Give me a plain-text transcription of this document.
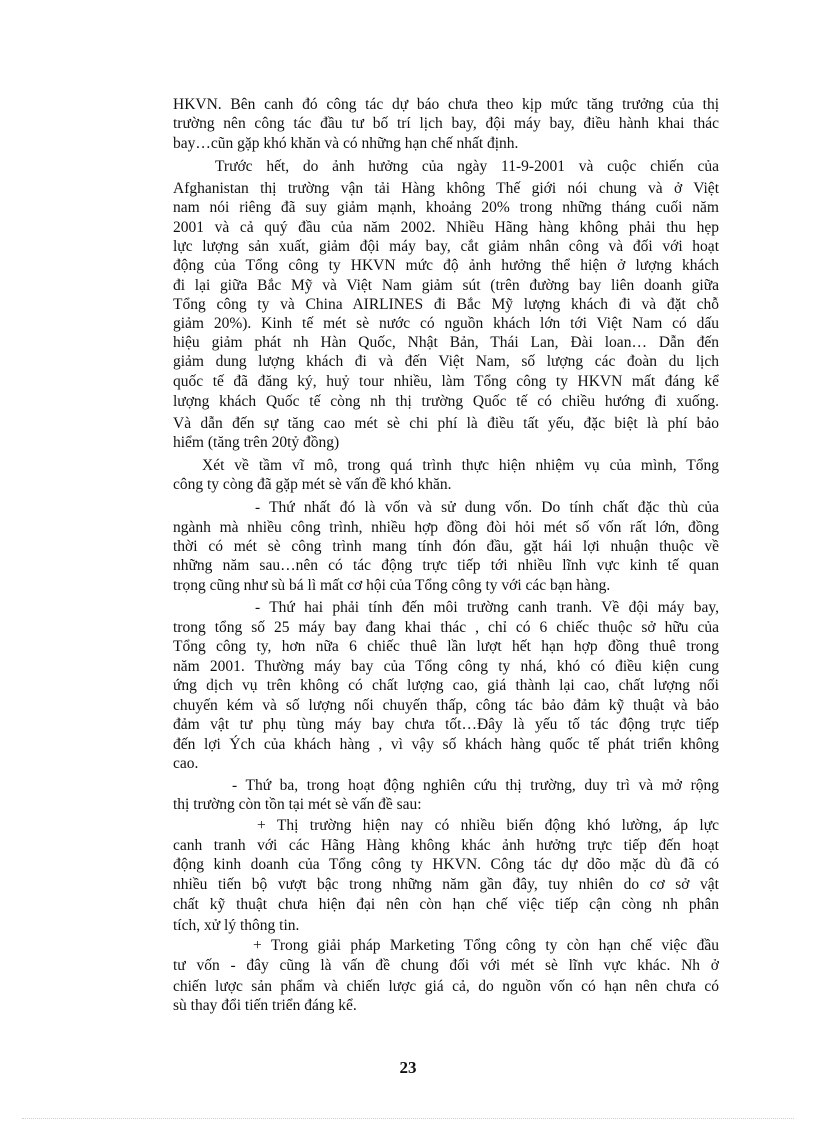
HKVN. Bên canh đó công tác dự báo chưa theo kịp mức tăng trưởng của thị
trường nên công tác đầu tư bố trí lịch bay, đội máy bay, điều hành khai thác
bay…cũn gặp khó khăn và có những hạn chế nhất định.
Trước hết, do ảnh hưởng của ngày 11-9-2001 và cuộc chiến của
Afghanistan thị trường vận tải Hàng không Thế giới nói chung và ở Việt
nam nói riêng đã suy giảm mạnh, khoảng 20% trong những tháng cuối năm
2001 và cả quý đầu của năm 2002. Nhiều Hãng hàng không phải thu hẹp
lực lượng sản xuất, giảm đội máy bay, cắt giảm nhân công và đối với hoạt
động của Tổng công ty HKVN mức độ ảnh hưởng thể hiện ở lượng khách
đi lại giữa Bắc Mỹ và Việt Nam giảm sút (trên đường bay liên doanh giữa
Tổng công ty và China AIRLINES đi Bắc Mỹ lượng khách đi và đặt chỗ
giảm 20%). Kinh tế mét sè nước có nguồn khách lớn tới Việt Nam có dấu
hiệu giảm phát nh Hàn Quốc, Nhật Bản, Thái Lan, Đài loan… Dẫn đến
giảm dung lượng khách đi và đến Việt Nam, số lượng các đoàn du lịch
quốc tế đã đăng ký, huỷ tour nhiều, làm Tổng công ty HKVN mất đáng kể
lượng khách Quốc tế còng nh thị trường Quốc tế có chiều hướng đi xuống.
Và dẫn đến sự tăng cao mét sè chi phí là điều tất yếu, đặc biệt là phí bảo
hiểm (tăng trên 20tỷ đồng)
Xét về tầm vĩ mô, trong quá trình thực hiện nhiệm vụ của mình, Tổng
công ty còng đã gặp mét sè vấn đề khó khăn.
- Thứ nhất đó là vốn và sử dung vốn. Do tính chất đặc thù của
ngành mà nhiều công trình, nhiều hợp đồng đòi hỏi mét số vốn rất lớn, đồng
thời có mét sè công trình mang tính đón đầu, gặt hái lợi nhuận thuộc về
những năm sau…nên có tác động trực tiếp tới nhiều lĩnh vực kinh tế quan
trọng cũng như sù bá lì mất cơ hội của Tổng công ty với các bạn hàng.
- Thứ hai phải tính đến môi trường canh tranh. Về đội máy bay,
trong tổng số 25 máy bay đang khai thác , chỉ có 6 chiếc thuộc sở hữu của
Tổng công ty, hơn nữa 6 chiếc thuê lần lượt hết hạn hợp đồng thuê trong
năm 2001. Thường máy bay của Tổng công ty nhá, khó có điều kiện cung
ứng dịch vụ trên không có chất lượng cao, giá thành lại cao, chất lượng nối
chuyến kém và số lượng nối chuyến thấp, công tác bảo đảm kỹ thuật và bảo
đảm vật tư phụ tùng máy bay chưa tốt…Đây là yếu tố tác động trực tiếp
đến lợi Ých của khách hàng , vì vậy số khách hàng quốc tế phát triển không
cao.
- Thứ ba, trong hoạt động nghiên cứu thị trường, duy trì và mở rộng
thị trường còn tồn tại mét sè vấn đề sau:
+ Thị trường hiện nay có nhiều biến động khó lường, áp lực
canh tranh với các Hãng Hàng không khác ảnh hưởng trực tiếp đến hoạt
động kinh doanh của Tổng công ty HKVN. Công tác dự dõo mặc dù đã có
nhiều tiến bộ vượt bậc trong những năm gần đây, tuy nhiên do cơ sở vật
chất kỹ thuật chưa hiện đại nên còn hạn chế việc tiếp cận còng nh phân
tích, xử lý thông tin.
+ Trong giải pháp Marketing Tổng công ty còn hạn chế việc đầu
tư vốn - đây cũng là vấn đề chung đối với mét sè lĩnh vực khác. Nh ở
chiến lược sản phẩm và chiến lược giá cả, do nguồn vốn có hạn nên chưa có
sù thay đổi tiến triển đáng kể.
23
